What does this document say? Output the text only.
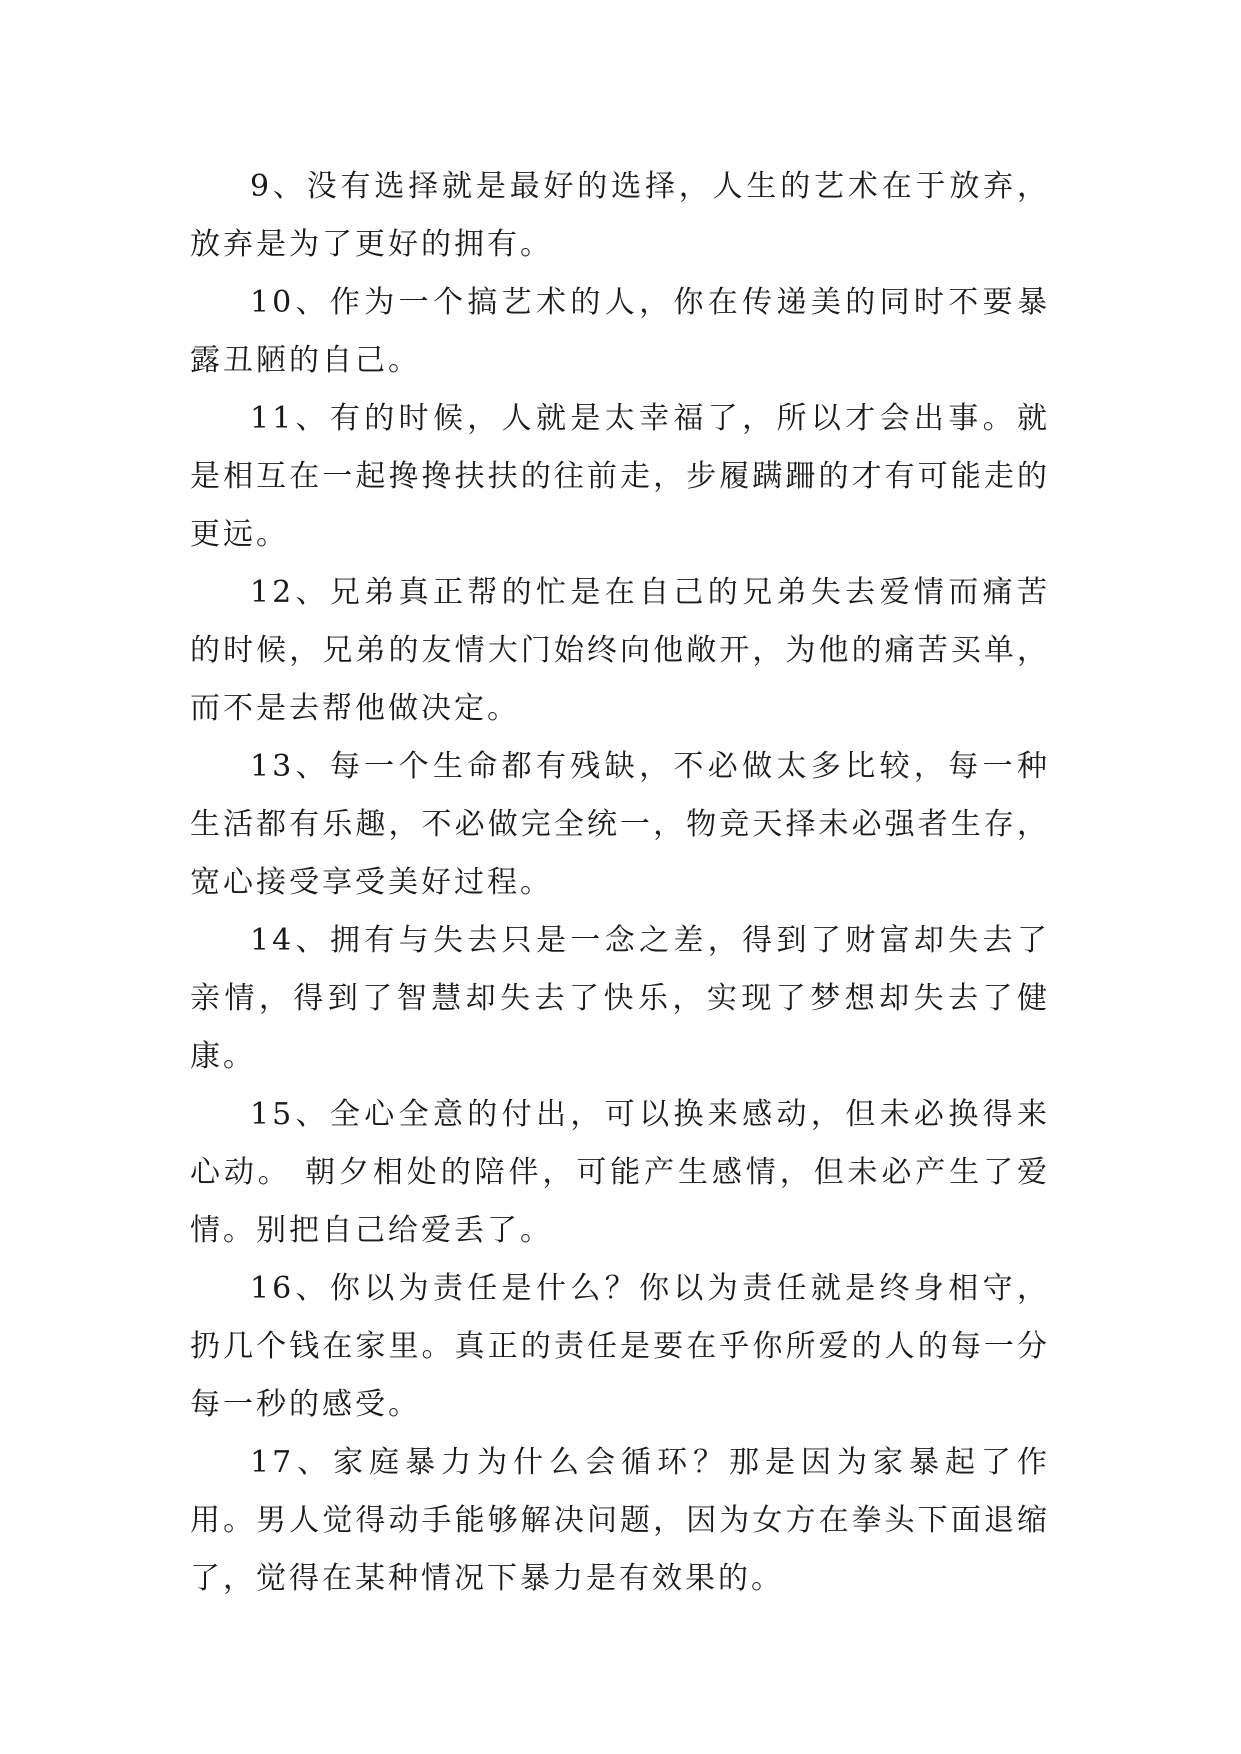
9、没有选择就是最好的选择，人生的艺术在于放弃，放弃是为了更好的拥有。

10、作为一个搞艺术的人，你在传递美的同时不要暴露丑陋的自己。

11、有的时候，人就是太幸福了，所以才会出事。就是相互在一起搀搀扶扶的往前走，步履蹒跚的才有可能走的更远。

12、兄弟真正帮的忙是在自己的兄弟失去爱情而痛苦的时候，兄弟的友情大门始终向他敞开，为他的痛苦买单，而不是去帮他做决定。

13、每一个生命都有残缺，不必做太多比较，每一种生活都有乐趣，不必做完全统一，物竞天择未必强者生存，宽心接受享受美好过程。

14、拥有与失去只是一念之差，得到了财富却失去了亲情，得到了智慧却失去了快乐，实现了梦想却失去了健康。

15、全心全意的付出，可以换来感动，但未必换得来心动。 朝夕相处的陪伴，可能产生感情，但未必产生了爱情。别把自己给爱丢了。

16、你以为责任是什么？你以为责任就是终身相守，扔几个钱在家里。真正的责任是要在乎你所爱的人的每一分每一秒的感受。

17、家庭暴力为什么会循环？那是因为家暴起了作用。男人觉得动手能够解决问题，因为女方在拳头下面退缩了，觉得在某种情况下暴力是有效果的。
